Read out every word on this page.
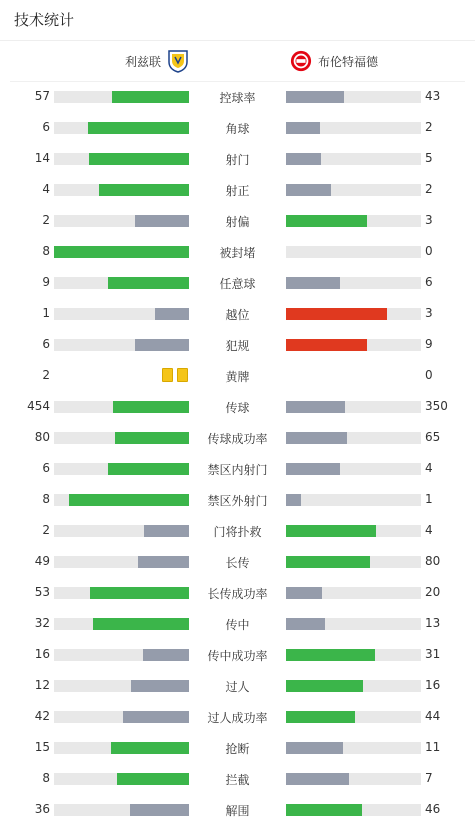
技术统计
利兹联	布伦特福德
57	控球率	43
6	角球	2
14	射门	5
4	射正	2
2	射偏	3
8	被封堵	0
9	任意球	6
1	越位	3
6	犯规	9
2	黄牌	0
454	传球	350
80	传球成功率	65
6	禁区内射门	4
8	禁区外射门	1
2	门将扑救	4
49	长传	80
53	长传成功率	20
32	传中	13
16	传中成功率	31
12	过人	16
42	过人成功率	44
15	抢断	11
8	拦截	7
36	解围	46
